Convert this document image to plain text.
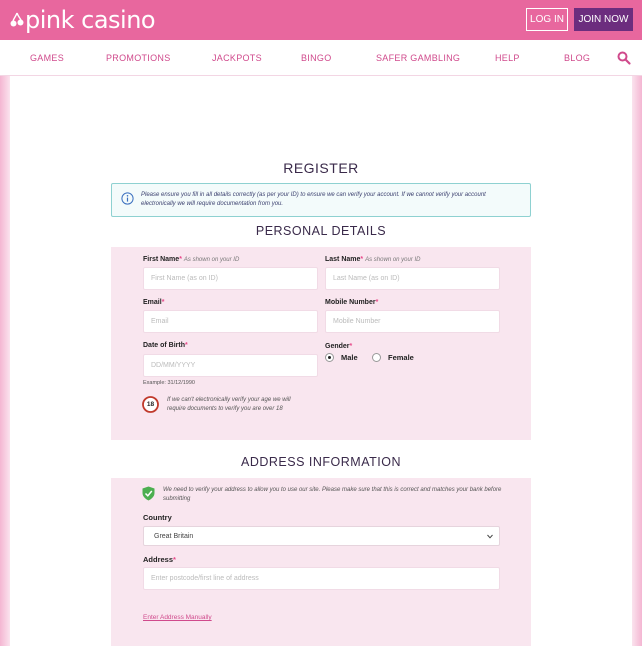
pink casino	LOG IN	JOIN NOW
GAMES	PROMOTIONS	JACKPOTS	BINGO	SAFER GAMBLING	HELP	BLOG
REGISTER
Please ensure you fill in all details correctly (as per your ID) to ensure we can verify your account. If we cannot verify your account electronically we will require documentation from you.
PERSONAL DETAILS
First Name* As shown on your ID
First Name (as on ID)
Last Name* As shown on your ID
Last Name (as on ID)
Email*
Email
Mobile Number*
Mobile Number
Date of Birth*
DD/MM/YYYY
Example: 31/12/1990
Gender*
Male	Female
18
If we can't electronically verify your age we will require documents to verify you are over 18
ADDRESS INFORMATION
We need to verify your address to allow you to use our site. Please make sure that this is correct and matches your bank before submitting
Country
Great Britain
Address*
Enter postcode/first line of address
Enter Address Manually
